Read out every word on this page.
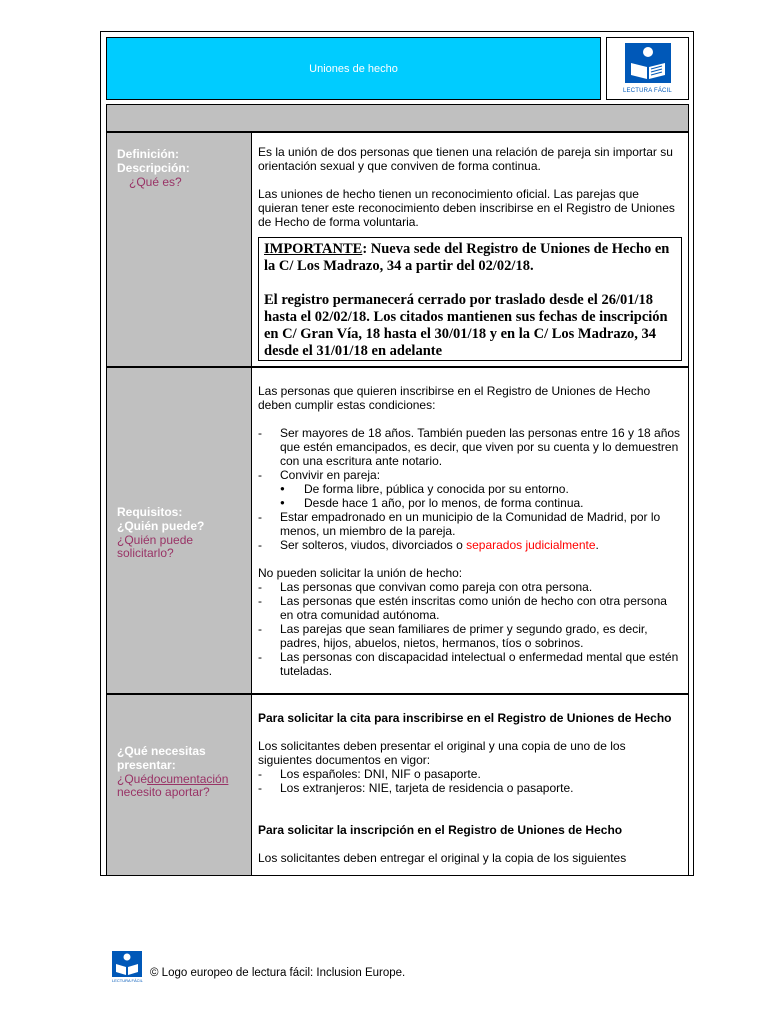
Uniones de hecho
LECTURA FÁCIL
Definición:
Descripción:
¿Qué es?

Es la unión de dos personas que tienen una relación de pareja sin importar su orientación sexual y que conviven de forma continua.

Las uniones de hecho tienen un reconocimiento oficial. Las parejas que quieran tener este reconocimiento deben inscribirse en el Registro de Uniones de Hecho de forma voluntaria.

IMPORTANTE: Nueva sede del Registro de Uniones de Hecho en la C/ Los Madrazo, 34 a partir del 02/02/18.

El registro permanecerá cerrado por traslado desde el 26/01/18 hasta el 02/02/18. Los citados mantienen sus fechas de inscripción en C/ Gran Vía, 18 hasta el 30/01/18 y en la C/ Los Madrazo, 34 desde el 31/01/18 en adelante

Requisitos:
¿Quién puede?
¿Quién puede solicitarlo?

Las personas que quieren inscribirse en el Registro de Uniones de Hecho deben cumplir estas condiciones:

- Ser mayores de 18 años. También pueden las personas entre 16 y 18 años que estén emancipados, es decir, que viven por su cuenta y lo demuestren con una escritura ante notario.

- Convivir en pareja:

● De forma libre, pública y conocida por su entorno.

● Desde hace 1 año, por lo menos, de forma continua.

- Estar empadronado en un municipio de la Comunidad de Madrid, por lo menos, un miembro de la pareja.

- Ser solteros, viudos, divorciados o separados judicialmente.

No pueden solicitar la unión de hecho:

- Las personas que convivan como pareja con otra persona.

- Las personas que estén inscritas como unión de hecho con otra persona en otra comunidad autónoma.

- Las parejas que sean familiares de primer y segundo grado, es decir, padres, hijos, abuelos, nietos, hermanos, tíos o sobrinos.

- Las personas con discapacidad intelectual o enfermedad mental que estén tuteladas.

¿Qué necesitas
presentar:
¿Quédocumentación
necesito aportar?

Para solicitar la cita para inscribirse en el Registro de Uniones de Hecho

Los solicitantes deben presentar el original y una copia de uno de los siguientes documentos en vigor:

- Los españoles: DNI, NIF o pasaporte.

- Los extranjeros: NIE, tarjeta de residencia o pasaporte.

Para solicitar la inscripción en el Registro de Uniones de Hecho

Los solicitantes deben entregar el original y la copia de los siguientes

LECTURA FÁCIL
© Logo europeo de lectura fácil: Inclusion Europe.
